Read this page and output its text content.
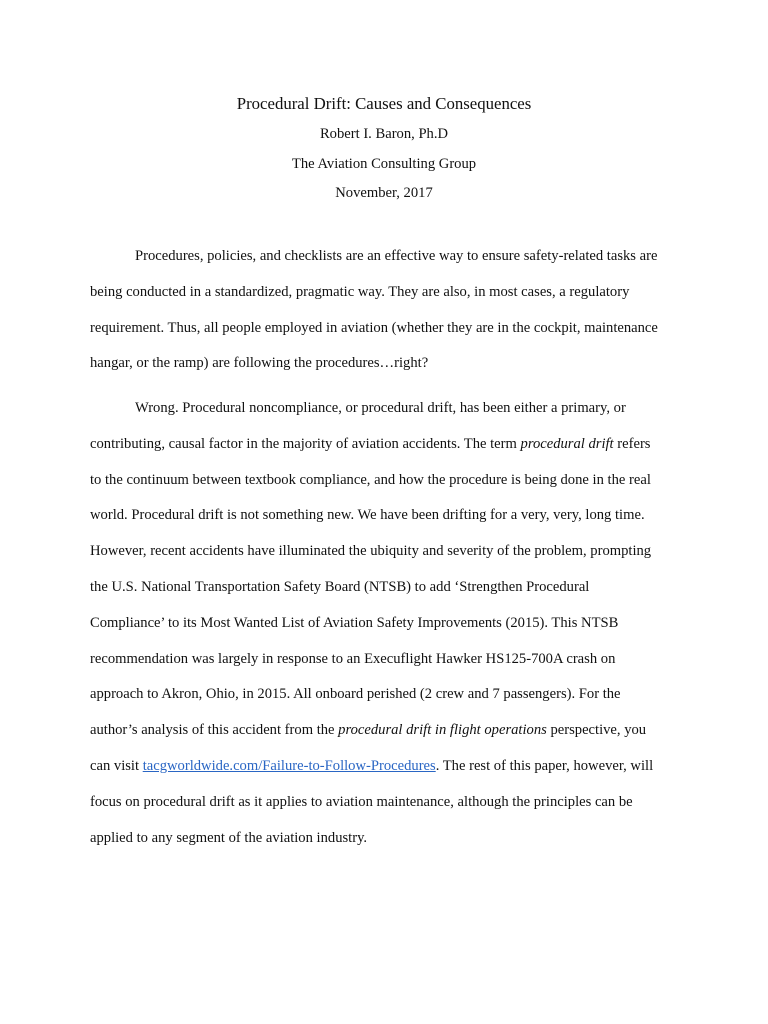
Procedural Drift: Causes and Consequences
Robert I. Baron, Ph.D
The Aviation Consulting Group
November, 2017
Procedures, policies, and checklists are an effective way to ensure safety-related tasks are
being conducted in a standardized, pragmatic way. They are also, in most cases, a regulatory
requirement. Thus, all people employed in aviation (whether they are in the cockpit, maintenance
hangar, or the ramp) are following the procedures…right?
Wrong. Procedural noncompliance, or procedural drift, has been either a primary, or
contributing, causal factor in the majority of aviation accidents. The term procedural drift refers
to the continuum between textbook compliance, and how the procedure is being done in the real
world. Procedural drift is not something new. We have been drifting for a very, very, long time.
However, recent accidents have illuminated the ubiquity and severity of the problem, prompting
the U.S. National Transportation Safety Board (NTSB) to add ‘Strengthen Procedural
Compliance’ to its Most Wanted List of Aviation Safety Improvements (2015). This NTSB
recommendation was largely in response to an Execuflight Hawker HS125-700A crash on
approach to Akron, Ohio, in 2015. All onboard perished (2 crew and 7 passengers). For the
author’s analysis of this accident from the procedural drift in flight operations perspective, you
can visit tacgworldwide.com/Failure-to-Follow-Procedures. The rest of this paper, however, will
focus on procedural drift as it applies to aviation maintenance, although the principles can be
applied to any segment of the aviation industry.
